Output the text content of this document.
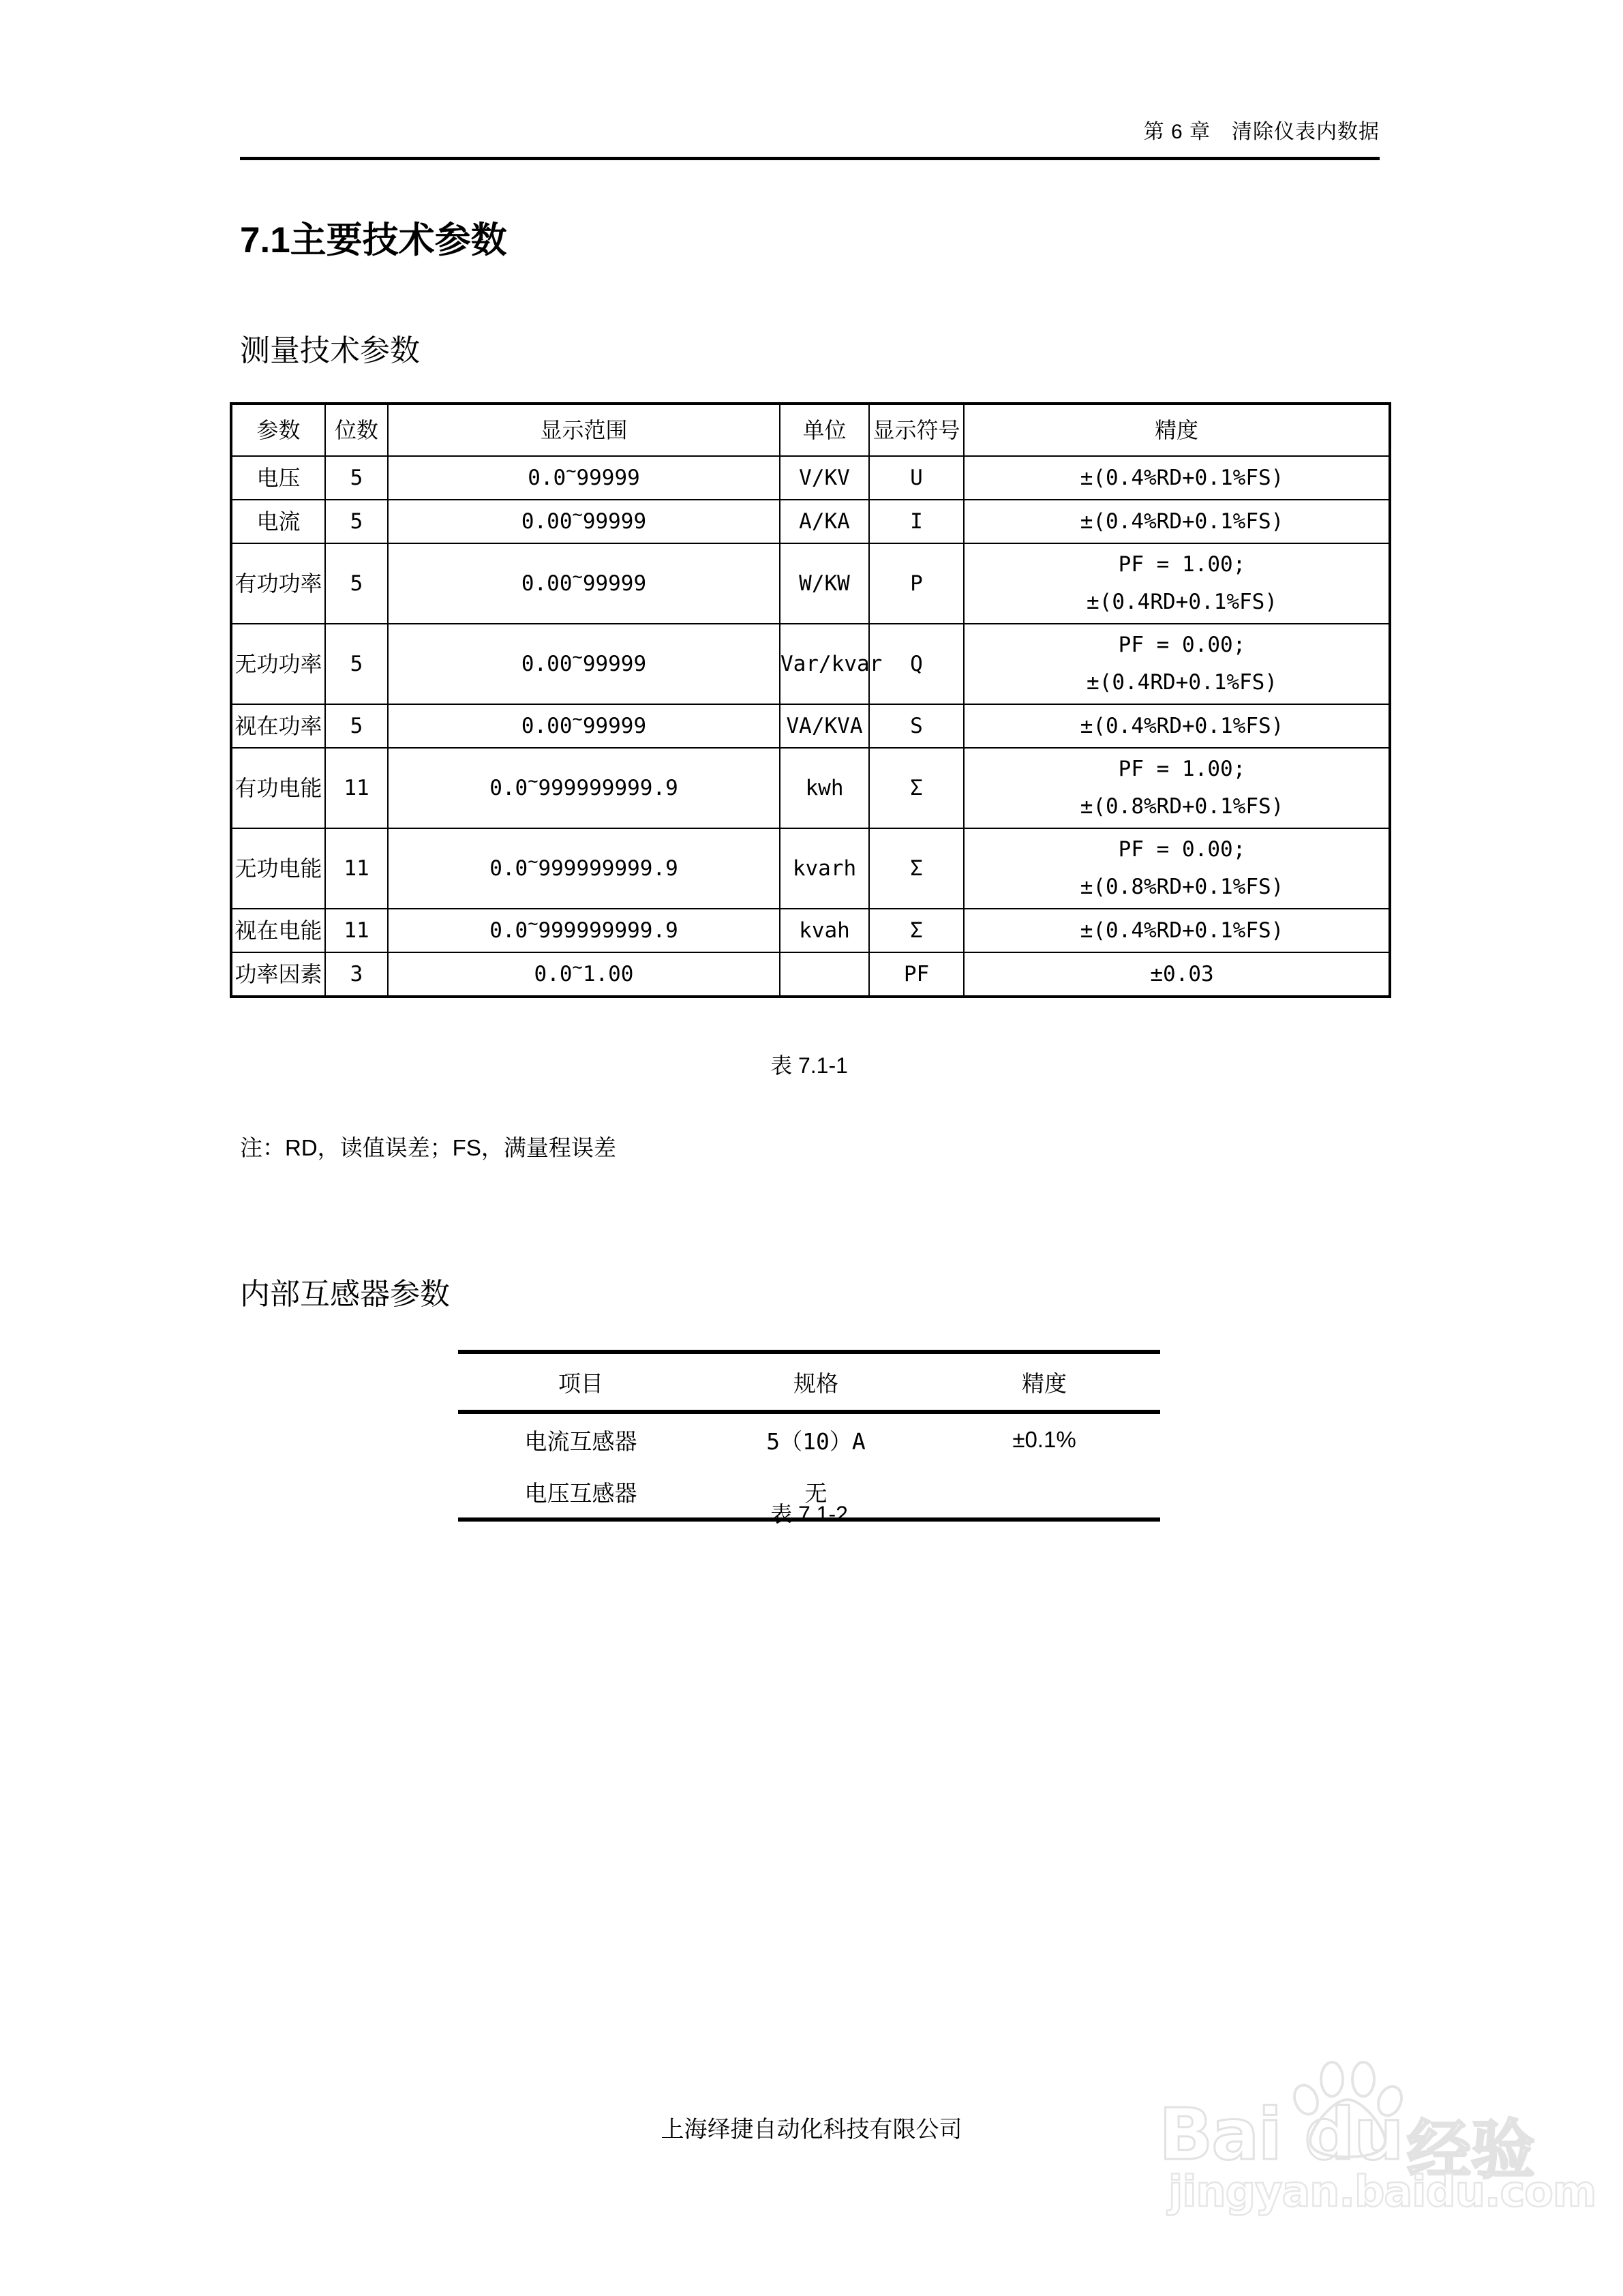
第 6 章　清除仪表内数据
7.1主要技术参数
测量技术参数
参数	位数	显示范围	单位	显示符号	精度
电压	5	0.0~99999	V/KV	U	±(0.4%RD+0.1%FS)

电流	5	0.00~99999	A/KA	I	±(0.4%RD+0.1%FS)

有功功率	5	0.00~99999	W/KW	P	PF = 1.00;
±(0.4RD+0.1%FS)

无功功率	5	0.00~99999	Var/kvar	Q	PF = 0.00;
±(0.4RD+0.1%FS)

视在功率	5	0.00~99999	VA/KVA	S	±(0.4%RD+0.1%FS)

有功电能	11	0.0~999999999.9	kwh	Σ	PF = 1.00;
±(0.8%RD+0.1%FS)

无功电能	11	0.0~999999999.9	kvarh	Σ	PF = 0.00;
±(0.8%RD+0.1%FS)

视在电能	11	0.0~999999999.9	kvah	Σ	±(0.4%RD+0.1%FS)

功率因素	3	0.0~1.00		PF	±0.03
表 7.1-1
注：RD，读值误差；FS，满量程误差
内部互感器参数
项目	规格	精度
电流互感器	5（10）A	±0.1%
电压互感器	无	
表 7.1-2
上海绎捷自动化科技有限公司	Bai du 经验
jingyan.baidu.com
